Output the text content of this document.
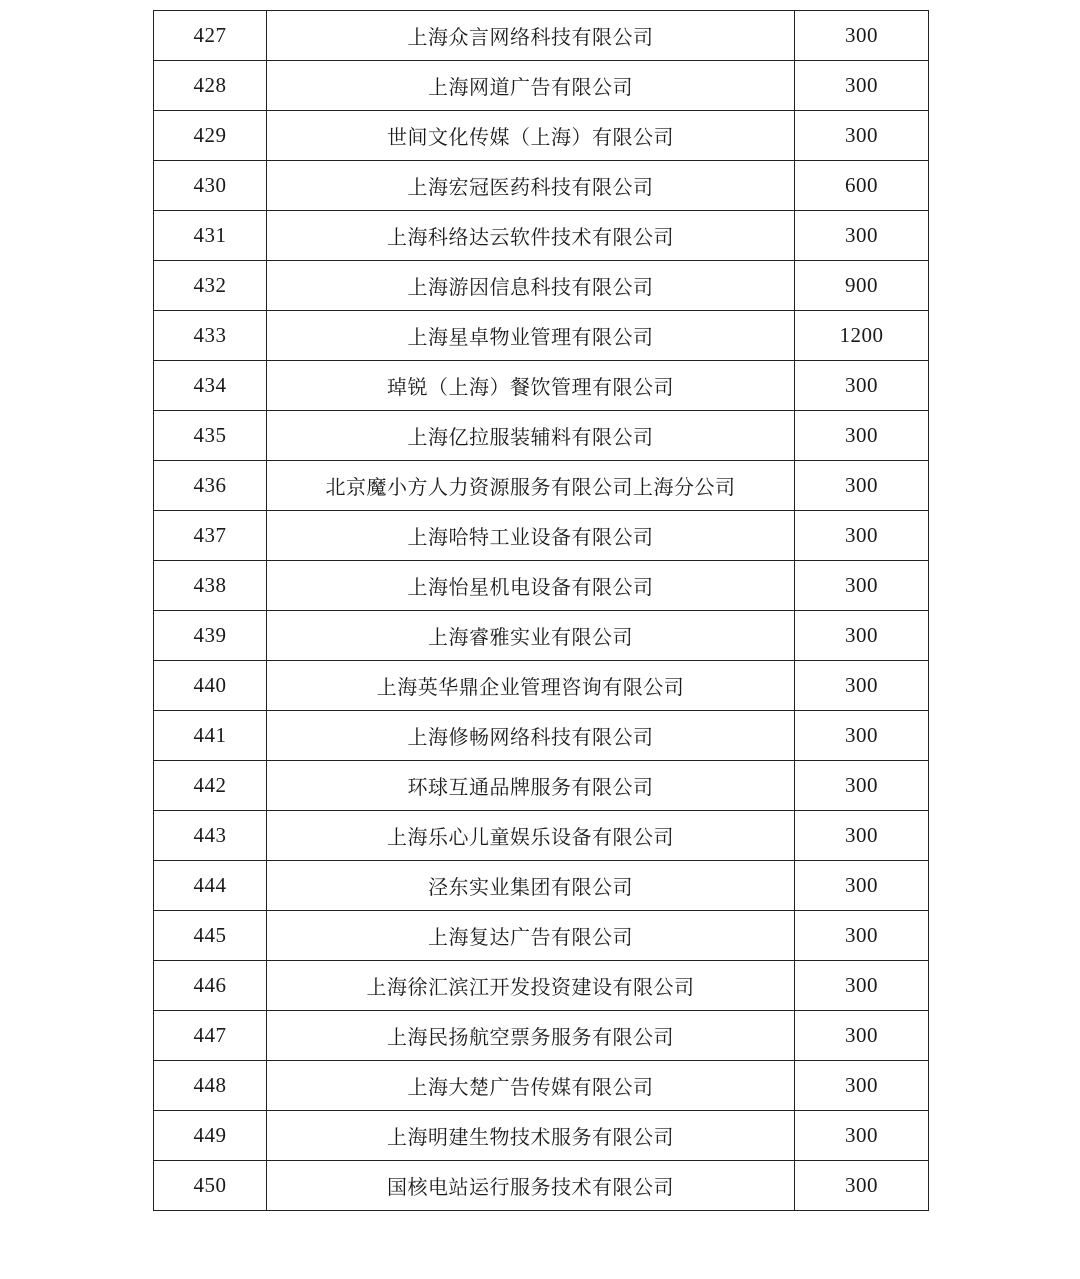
427	上海众言网络科技有限公司	300
428	上海网道广告有限公司	300
429	世间文化传媒（上海）有限公司	300
430	上海宏冠医药科技有限公司	600
431	上海科络达云软件技术有限公司	300
432	上海游因信息科技有限公司	900
433	上海星卓物业管理有限公司	1200
434	琸锐（上海）餐饮管理有限公司	300
435	上海亿拉服装辅料有限公司	300
436	北京魔小方人力资源服务有限公司上海分公司	300
437	上海哈特工业设备有限公司	300
438	上海怡星机电设备有限公司	300
439	上海睿雅实业有限公司	300
440	上海英华鼎企业管理咨询有限公司	300
441	上海修畅网络科技有限公司	300
442	环球互通品牌服务有限公司	300
443	上海乐心儿童娱乐设备有限公司	300
444	泾东实业集团有限公司	300
445	上海复达广告有限公司	300
446	上海徐汇滨江开发投资建设有限公司	300
447	上海民扬航空票务服务有限公司	300
448	上海大楚广告传媒有限公司	300
449	上海明建生物技术服务有限公司	300
450	国核电站运行服务技术有限公司	300
